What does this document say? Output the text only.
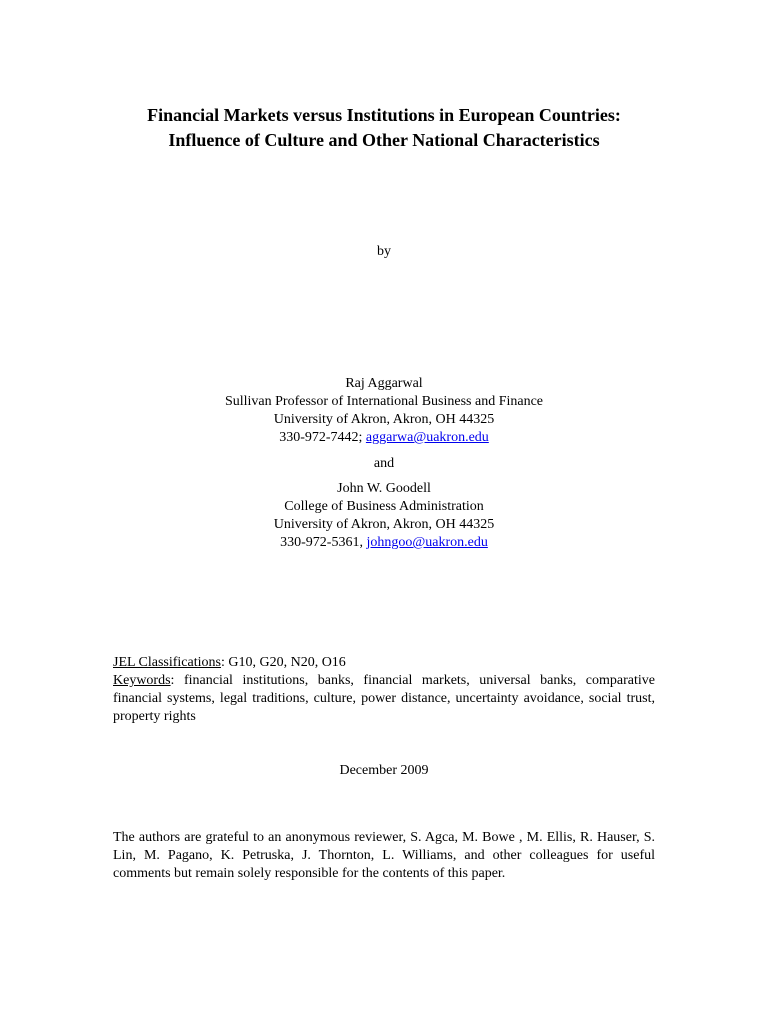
Financial Markets versus Institutions in European Countries:
Influence of Culture and Other National Characteristics
by
Raj Aggarwal
Sullivan Professor of International Business and Finance
University of Akron, Akron, OH 44325
330-972-7442; aggarwa@uakron.edu
and
John W. Goodell
College of Business Administration
University of Akron, Akron, OH 44325
330-972-5361, johngoo@uakron.edu
JEL Classifications: G10, G20, N20, O16
Keywords: financial institutions, banks, financial markets, universal banks, comparative financial systems, legal traditions, culture, power distance, uncertainty avoidance, social trust, property rights
December 2009
The authors are grateful to an anonymous reviewer, S. Agca, M. Bowe , M. Ellis, R. Hauser, S. Lin, M. Pagano, K. Petruska, J. Thornton, L. Williams, and other colleagues for useful comments but remain solely responsible for the contents of this paper.
